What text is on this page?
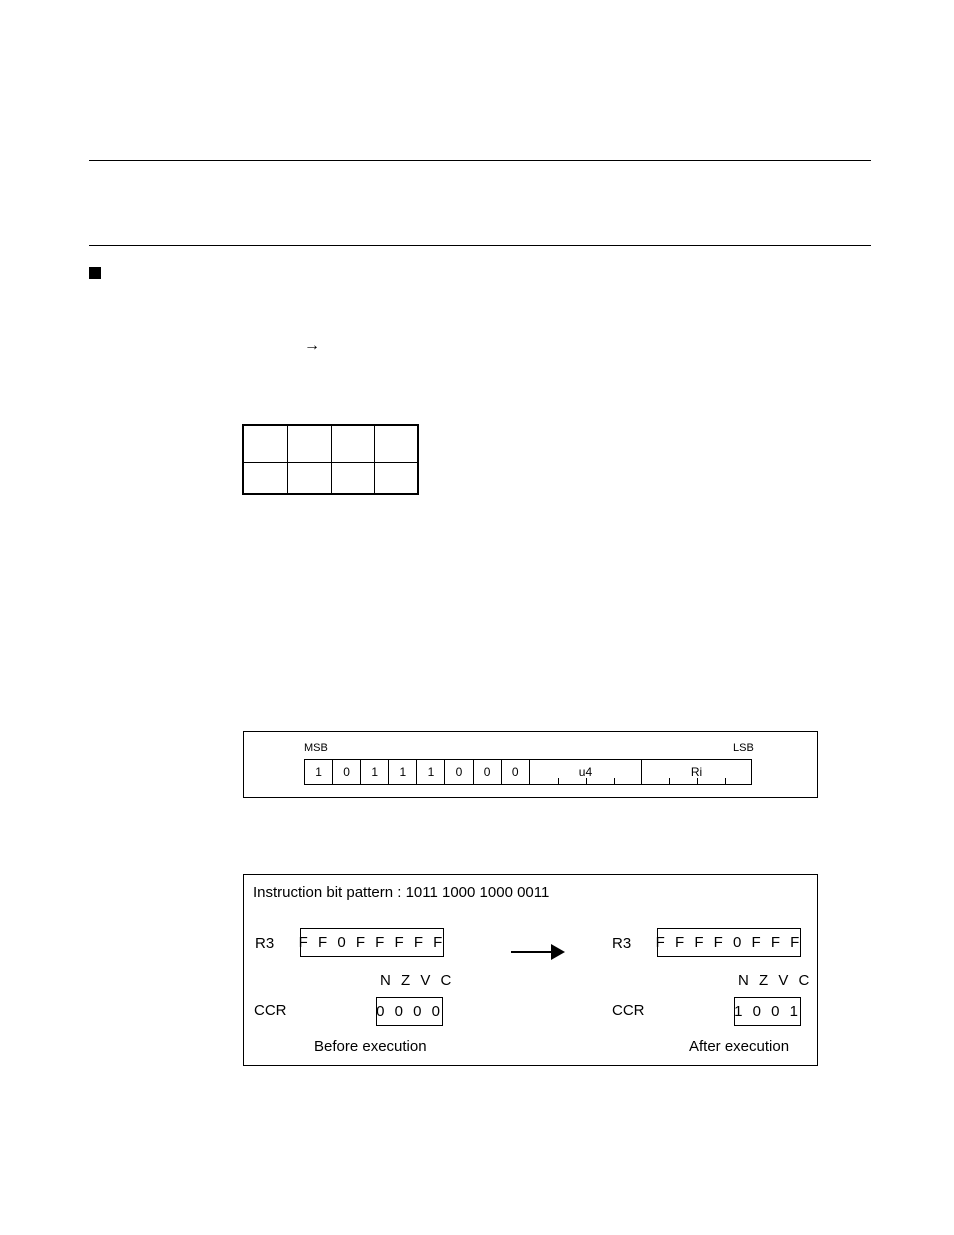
→

MSB	LSB
1	0	1	1	1	0	0	0	u4	Ri
Instruction bit pattern : 1011 1000 1000 0011
R3 F F 0 F F F F F
N Z V C
CCR	0 0 0 0
Before execution
R3 F F F F 0 F F F
N Z V C
CCR	1 0 0 1
After execution
